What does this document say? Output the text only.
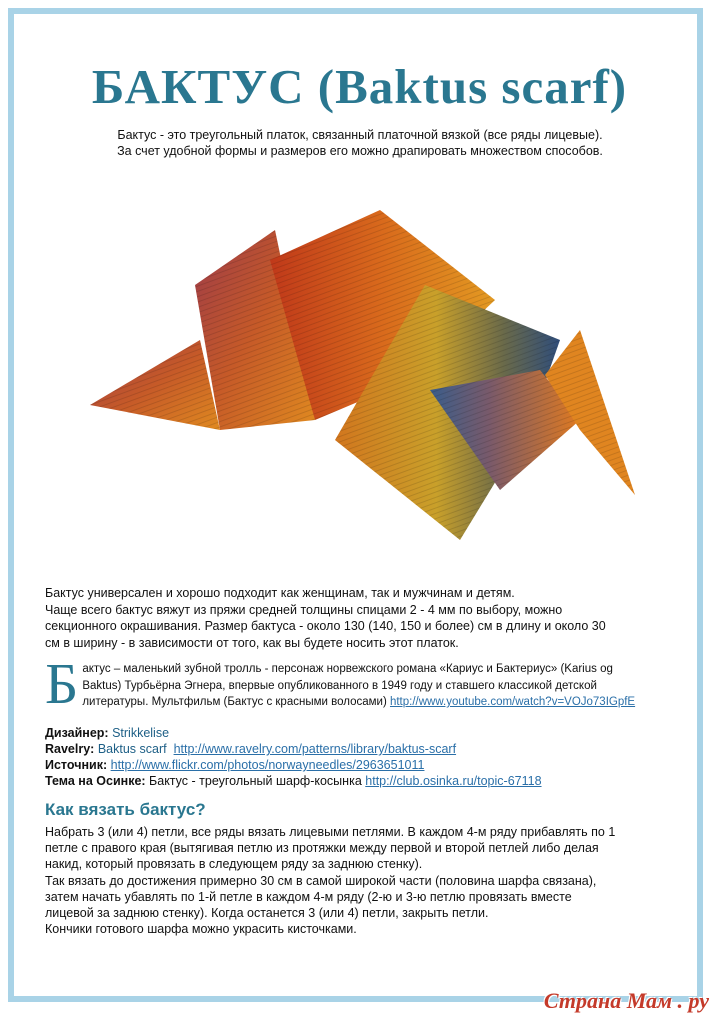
БАКТУС (Baktus scarf)
Бактус - это треугольный платок, связанный платочной вязкой (все ряды лицевые).
За счет удобной формы и размеров его можно драпировать множеством способов.
Бактус универсален и хорошо подходит как женщинам, так и мужчинам и детям.
Чаще всего бактус вяжут из пряжи средней толщины спицами 2 - 4 мм по выбору, можно
секционного окрашивания. Размер бактуса - около 130 (140, 150 и более) см в длину и около 30
см в ширину - в зависимости от того, как вы будете носить этот платок.
Б актус – маленький зубной тролль - персонаж норвежского романа «Кариус и Бактериус» (Karius og
Baktus) Турбьёрна Эгнера, впервые опубликованного в 1949 году и ставшего классикой детской
литературы. Мультфильм (Бактус с красными волосами) http://www.youtube.com/watch?v=VOJo73IGpfE
Дизайнер: Strikkelise
Ravelry: Baktus scarf http://www.ravelry.com/patterns/library/baktus-scarf
Источник: http://www.flickr.com/photos/norwayneedles/2963651011
Тема на Осинке: Бактус - треугольный шарф-косынка http://club.osinka.ru/topic-67118
Как вязать бактус?
Набрать 3 (или 4) петли, все ряды вязать лицевыми петлями. В каждом 4-м ряду прибавлять по 1
петле с правого края (вытягивая петлю из протяжки между первой и второй петлей либо делая
накид, который провязать в следующем ряду за заднюю стенку).
Так вязать до достижения примерно 30 см в самой широкой части (половина шарфа связана),
затем начать убавлять по 1-й петле в каждом 4-м ряду (2-ю и 3-ю петлю провязать вместе
лицевой за заднюю стенку). Когда останется 3 (или 4) петли, закрыть петли.
Кончики готового шарфа можно украсить кисточками.
Страна Мам . ру
